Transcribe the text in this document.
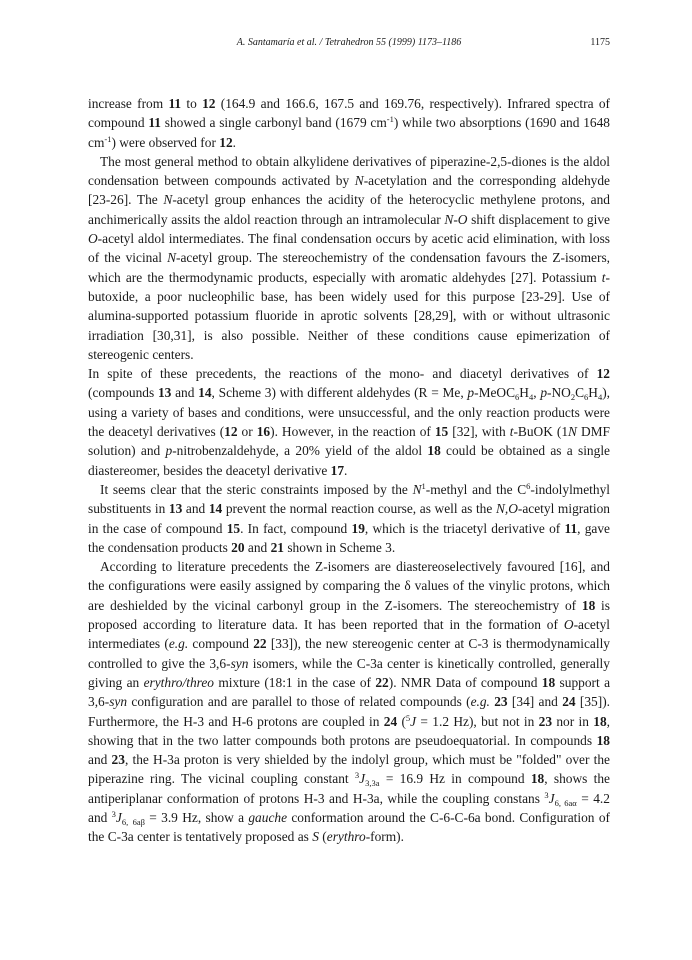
A. Santamaría et al. / Tetrahedron 55 (1999) 1173–1186	1175

increase from 11 to 12 (164.9 and 166.6, 167.5 and 169.76, respectively). Infrared spectra of compound 11 showed a single carbonyl band (1679 $cm^{-1}$) while two absorptions (1690 and 1648 $cm^{-1}$) were observed for 12.

The most general method to obtain alkylidene derivatives of piperazine-2,5-diones is the aldol condensation between compounds activated by N-acetylation and the corresponding aldehyde [23-26]. The N-acetyl group enhances the acidity of the heterocyclic methylene protons, and anchimerically assits the aldol reaction through an intramolecular N-O shift displacement to give O-acetyl aldol intermediates. The final condensation occurs by acetic acid elimination, with loss of the vicinal N-acetyl group. The stereochemistry of the condensation favours the Z-isomers, which are the thermodynamic products, especially with aromatic aldehydes [27]. Potassium t-butoxide, a poor nucleophilic base, has been widely used for this purpose [23-29]. Use of alumina-supported potassium fluoride in aprotic solvents [28,29], with or without ultrasonic irradiation [30,31], is also possible. Neither of these conditions cause epimerization of stereogenic centers.

In spite of these precedents, the reactions of the mono- and diacetyl derivatives of 12 (compounds 13 and 14, Scheme 3) with different aldehydes (R = Me, $p-MeOC_6H_4$, $p-NO_2C_6H_4$), using a variety of bases and conditions, were unsuccessful, and the only reaction products were the deacetyl derivatives (12 or 16). However, in the reaction of 15 [32], with t-BuOK (1N DMF solution) and p-nitrobenzaldehyde, a 20% yield of the aldol 18 could be obtained as a single diastereomer, besides the deacetyl derivative 17.

It seems clear that the steric constraints imposed by the $N^1$-methyl and the $C^6$-indolylmethyl substituents in 13 and 14 prevent the normal reaction course, as well as the N,O-acetyl migration in the case of compound 15. In fact, compound 19, which is the triacetyl derivative of 11, gave the condensation products 20 and 21 shown in Scheme 3.

According to literature precedents the Z-isomers are diastereoselectively favoured [16], and the configurations were easily assigned by comparing the δ values of the vinylic protons, which are deshielded by the vicinal carbonyl group in the Z-isomers. The stereochemistry of 18 is proposed according to literature data. It has been reported that in the formation of O-acetyl intermediates (e.g. compound 22 [33]), the new stereogenic center at C-3 is thermodynamically controlled to give the 3,6-syn isomers, while the C-3a center is kinetically controlled, generally giving an erythro/threo mixture (18:1 in the case of 22). NMR Data of compound 18 support a 3,6-syn configuration and are parallel to those of related compounds (e.g. 23 [34] and 24 [35]). Furthermore, the H-3 and H-6 protons are coupled in 24 ($^5$J = 1.2 Hz), but not in 23 nor in 18, showing that in the two latter compounds both protons are pseudoequatorial. In compounds 18 and 23, the H-3a proton is very shielded by the indolyl group, which must be "folded" over the piperazine ring. The vicinal coupling constant $^3J_{3,3a} = 16.9$ Hz in compound 18, shows the antiperiplanar conformation of protons H-3 and H-3a, while the coupling constans $^3J_{6, 6a\alpha} = 4.2$ and $^3J_{6,}$ $_{6a\beta}$ = 3.9 Hz, show a gauche conformation around the C-6-C-6a bond. Configuration of the C-3a center is tentatively proposed as S (erythro-form).
